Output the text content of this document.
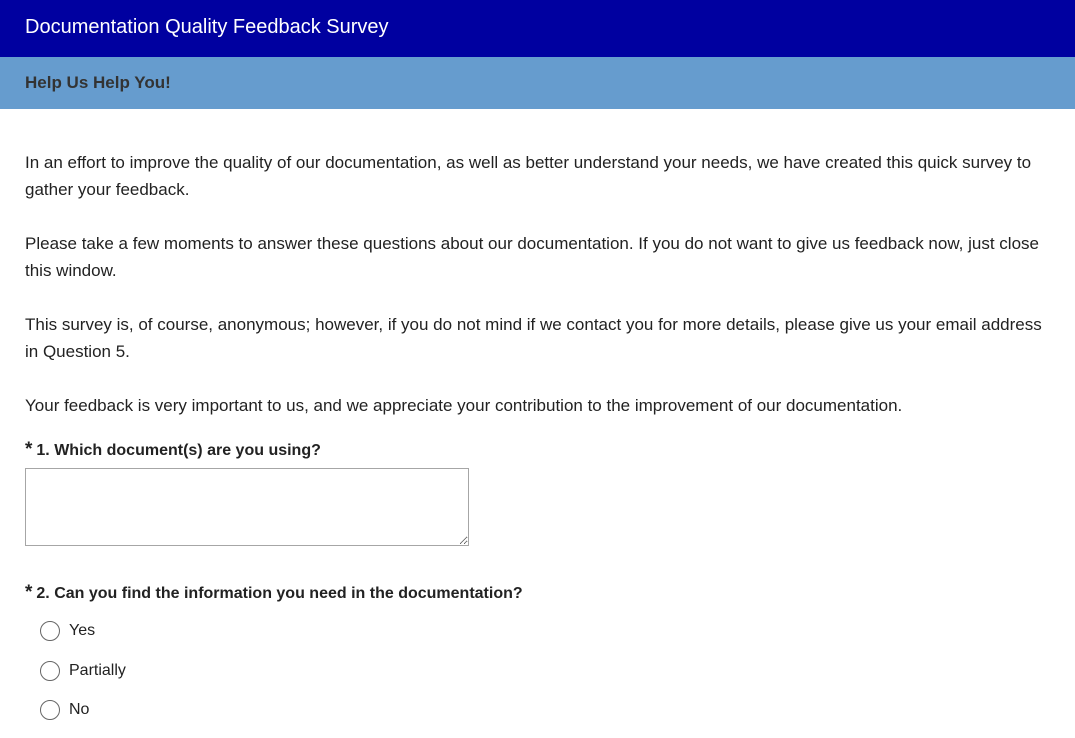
Documentation Quality Feedback Survey
Help Us Help You!

In an effort to improve the quality of our documentation, as well as better understand your needs, we have created this quick survey to gather your feedback.

Please take a few moments to answer these questions about our documentation. If you do not want to give us feedback now, just close this window.

This survey is, of course, anonymous; however, if you do not mind if we contact you for more details, please give us your email address in Question 5.

Your feedback is very important to us, and we appreciate your contribution to the improvement of our documentation.

* 1. Which document(s) are you using?
* 2. Can you find the information you need in the documentation?
Yes
Partially
No
